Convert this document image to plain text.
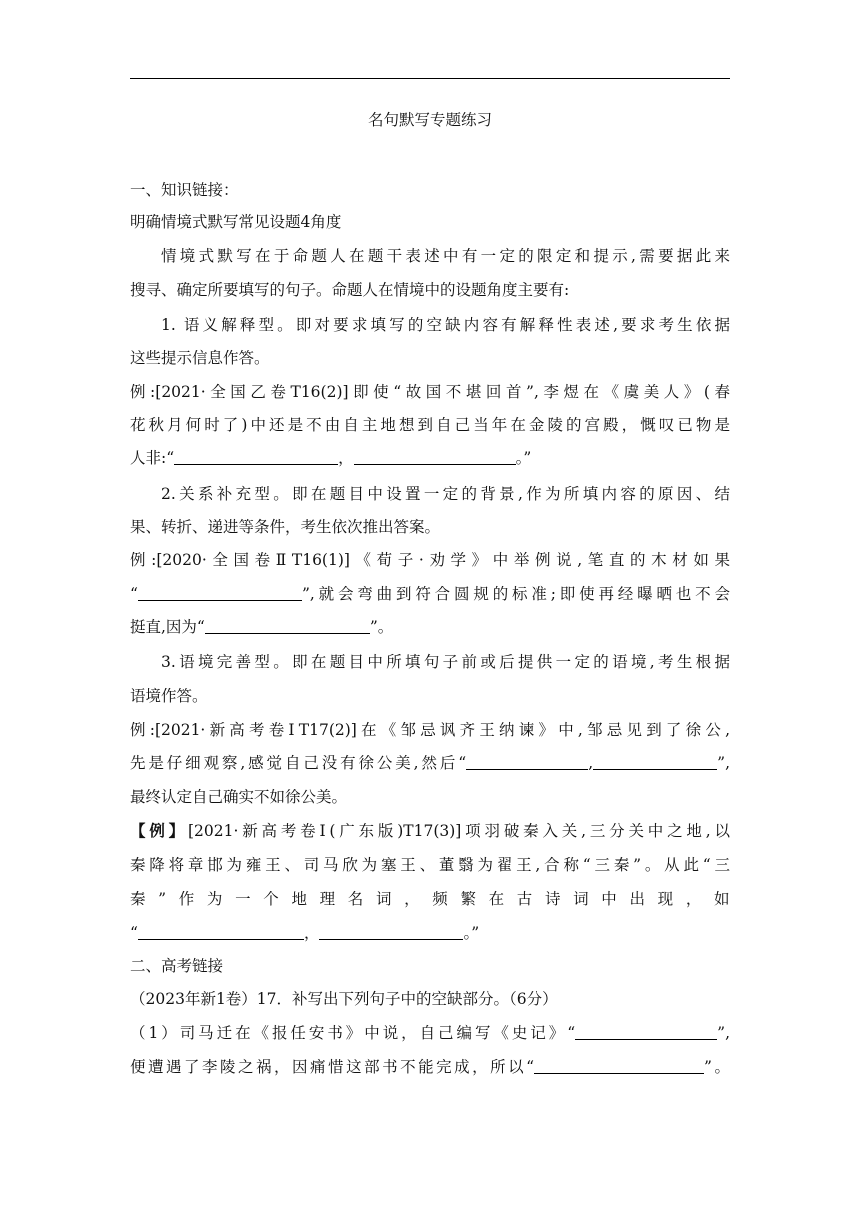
名句默写专题练习
一、知识链接：
明确情境式默写常见设题4角度
情境式默写在于命题人在题干表述中有一定的限定和提示,需要据此来
搜寻、确定所要填写的句子。命题人在情境中的设题角度主要有:
1. 语义解释型。即对要求填写的空缺内容有解释性表述,要求考生依据
这些提示信息作答。
例:[2021·全国乙卷T16(2)]即使“故国不堪回首”,李煜在《虞美人》(春
花秋月何时了)中还是不由自主地想到自己当年在金陵的宫殿，慨叹已物是
人非:“	，	。”
2.关系补充型。即在题目中设置一定的背景,作为所填内容的原因、结
果、转折、递进等条件，考生依次推出答案。
例:[2020·全国卷ⅡT16(1)]《荀子·劝学》中举例说,笔直的木材如果
“	”,就会弯曲到符合圆规的标准;即使再经曝晒也不会
挺直,因为“	”。
3.语境完善型。即在题目中所填句子前或后提供一定的语境,考生根据
语境作答。
例:[2021·新高考卷ⅠT17(2)]在《邹忌讽齐王纳谏》中,邹忌见到了徐公,
先是仔细观察,感觉自己没有徐公美,然后“	,	”,
最终认定自己确实不如徐公美。
【例】[2021·新高考卷Ⅰ(广东版)T17(3)]项羽破秦入关,三分关中之地,以
秦降将章邯为雍王、司马欣为塞王、董翳为翟王,合称“三秦”。从此“三
秦”作为一个地理名词，频繁在古诗词中出现，如
“	，	。”
二、高考链接
（2023年新1卷）17．补写出下列句子中的空缺部分。（6分）
（1）司马迁在《报任安书》中说，自己编写《史记》“	”,
便遭遇了李陵之祸，因痛惜这部书不能完成，所以“	”。
